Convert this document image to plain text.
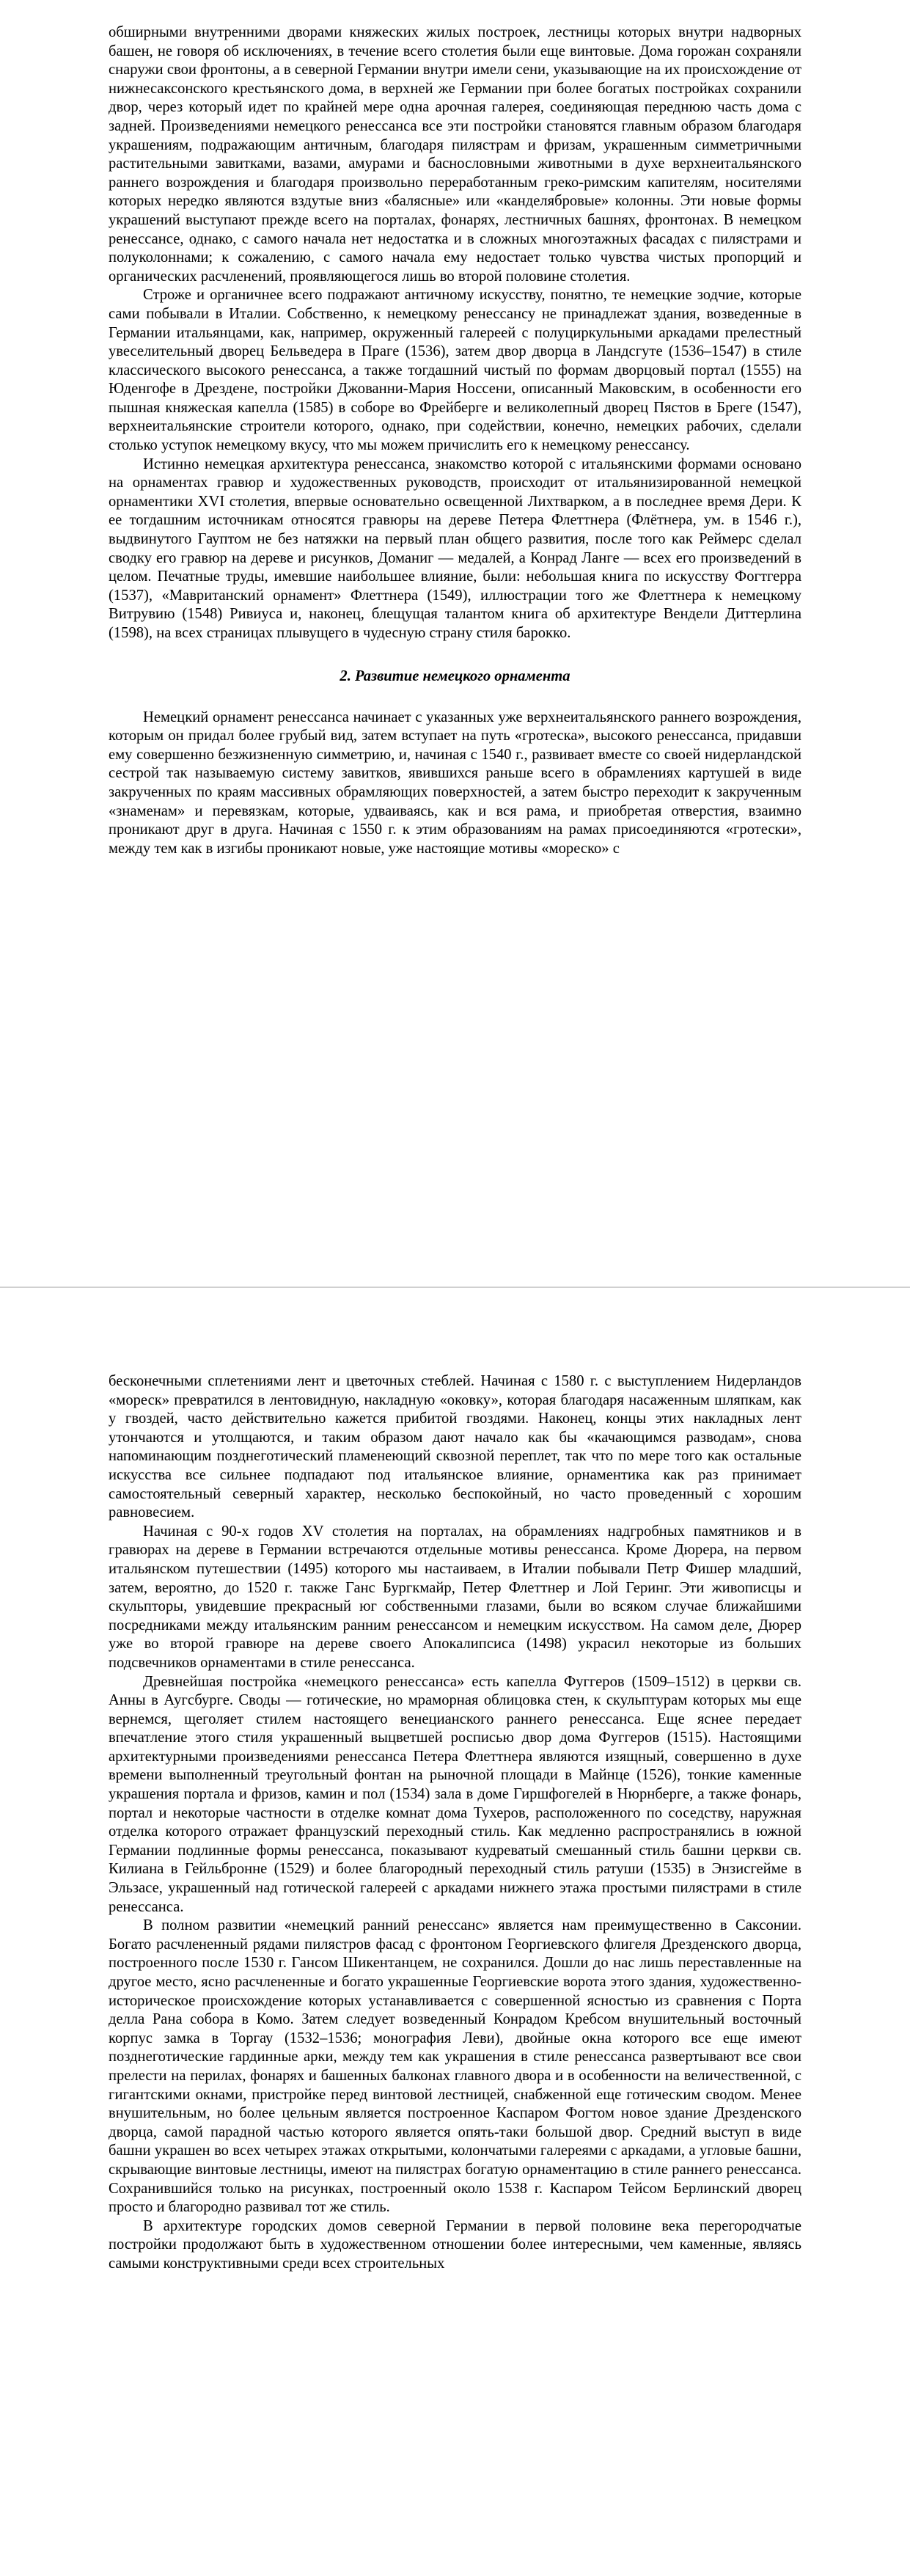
обширными внутренними дворами княжеских жилых построек, лестницы которых внутри надворных башен, не говоря об исключениях, в течение всего столетия были еще винтовые. Дома горожан сохраняли снаружи свои фронтоны, а в северной Германии внутри имели сени, указывающие на их происхождение от нижнесаксонского крестьянского дома, в верхней же Германии при более богатых постройках сохранили двор, через который идет по крайней мере одна арочная галерея, соединяющая переднюю часть дома с задней. Произведениями немецкого ренессанса все эти постройки становятся главным образом благодаря украшениям, подражающим античным, благодаря пилястрам и фризам, украшенным симметричными растительными завитками, вазами, амурами и баснословными животными в духе верхнеитальянского раннего возрождения и благодаря произвольно переработанным греко-римским капителям, носителями которых нередко являются вздутые вниз «балясные» или «канделябровые» колонны. Эти новые формы украшений выступают прежде всего на порталах, фонарях, лестничных башнях, фронтонах. В немецком ренессансе, однако, с самого начала нет недостатка и в сложных многоэтажных фасадах с пилястрами и полуколоннами; к сожалению, с самого начала ему недостает только чувства чистых пропорций и органических расчленений, проявляющегося лишь во второй половине столетия.

Строже и органичнее всего подражают античному искусству, понятно, те немецкие зодчие, которые сами побывали в Италии. Собственно, к немецкому ренессансу не принадлежат здания, возведенные в Германии итальянцами, как, например, окруженный галереей с полуциркульными аркадами прелестный увеселительный дворец Бельведера в Праге (1536), затем двор дворца в Ландсгуте (1536–1547) в стиле классического высокого ренессанса, а также тогдашний чистый по формам дворцовый портал (1555) на Юденгофе в Дрездене, постройки Джованни-Мария Носсени, описанный Маковским, в особенности его пышная княжеская капелла (1585) в соборе во Фрейберге и великолепный дворец Пястов в Бреге (1547), верхнеитальянские строители которого, однако, при содействии, конечно, немецких рабочих, сделали столько уступок немецкому вкусу, что мы можем причислить его к немецкому ренессансу.

Истинно немецкая архитектура ренессанса, знакомство которой с итальянскими формами основано на орнаментах гравюр и художественных руководств, происходит от итальянизированной немецкой орнаментики XVI столетия, впервые основательно освещенной Лихтварком, а в последнее время Дери. К ее тогдашним источникам относятся гравюры на дереве Петера Флеттнера (Флётнера, ум. в 1546 г.), выдвинутого Гауптом не без натяжки на первый план общего развития, после того как Реймерс сделал сводку его гравюр на дереве и рисунков, Доманиг — медалей, а Конрад Ланге — всех его произведений в целом. Печатные труды, имевшие наибольшее влияние, были: небольшая книга по искусству Фогтгерра (1537), «Мавританский орнамент» Флеттнера (1549), иллюстрации того же Флеттнера к немецкому Витрувию (1548) Ривиуса и, наконец, блещущая талантом книга об архитектуре Вендели Диттерлина (1598), на всех страницах плывущего в чудесную страну стиля барокко.

2. Развитие немецкого орнамента

Немецкий орнамент ренессанса начинает с указанных уже верхнеитальянского раннего возрождения, которым он придал более грубый вид, затем вступает на путь «гротеска», высокого ренессанса, придавши ему совершенно безжизненную симметрию, и, начиная с 1540 г., развивает вместе со своей нидерландской сестрой так называемую систему завитков, явившихся раньше всего в обрамлениях картушей в виде закрученных по краям массивных обрамляющих поверхностей, а затем быстро переходит к закрученным «знаменам» и перевязкам, которые, удваиваясь, как и вся рама, и приобретая отверстия, взаимно проникают друг в друга. Начиная с 1550 г. к этим образованиям на рамах присоединяются «гротески», между тем как в изгибы проникают новые, уже настоящие мотивы «мореско» с

бесконечными сплетениями лент и цветочных стеблей. Начиная с 1580 г. с выступлением Нидерландов «мореск» превратился в лентовидную, накладную «оковку», которая благодаря насаженным шляпкам, как у гвоздей, часто действительно кажется прибитой гвоздями. Наконец, концы этих накладных лент утончаются и утолщаются, и таким образом дают начало как бы «качающимся разводам», снова напоминающим позднеготический пламенеющий сквозной переплет, так что по мере того как остальные искусства все сильнее подпадают под итальянское влияние, орнаментика как раз принимает самостоятельный северный характер, несколько беспокойный, но часто проведенный с хорошим равновесием.

Начиная с 90-х годов XV столетия на порталах, на обрамлениях надгробных памятников и в гравюрах на дереве в Германии встречаются отдельные мотивы ренессанса. Кроме Дюрера, на первом итальянском путешествии (1495) которого мы настаиваем, в Италии побывали Петр Фишер младший, затем, вероятно, до 1520 г. также Ганс Бургкмайр, Петер Флеттнер и Лой Геринг. Эти живописцы и скульпторы, увидевшие прекрасный юг собственными глазами, были во всяком случае ближайшими посредниками между итальянским ранним ренессансом и немецким искусством. На самом деле, Дюрер уже во второй гравюре на дереве своего Апокалипсиса (1498) украсил некоторые из больших подсвечников орнаментами в стиле ренессанса.

Древнейшая постройка «немецкого ренессанса» есть капелла Фуггеров (1509–1512) в церкви св. Анны в Аугсбурге. Своды — готические, но мраморная облицовка стен, к скульптурам которых мы еще вернемся, щеголяет стилем настоящего венецианского раннего ренессанса. Еще яснее передает впечатление этого стиля украшенный выцветшей росписью двор дома Фуггеров (1515). Настоящими архитектурными произведениями ренессанса Петера Флеттнера являются изящный, совершенно в духе времени выполненный треугольный фонтан на рыночной площади в Майнце (1526), тонкие каменные украшения портала и фризов, камин и пол (1534) зала в доме Гиршфогелей в Нюрнберге, а также фонарь, портал и некоторые частности в отделке комнат дома Тухеров, расположенного по соседству, наружная отделка которого отражает французский переходный стиль. Как медленно распространялись в южной Германии подлинные формы ренессанса, показывают кудреватый смешанный стиль башни церкви св. Килиана в Гейльбронне (1529) и более благородный переходный стиль ратуши (1535) в Энзисгейме в Эльзасе, украшенный над готической галереей с аркадами нижнего этажа простыми пилястрами в стиле ренессанса.

В полном развитии «немецкий ранний ренессанс» является нам преимущественно в Саксонии. Богато расчлененный рядами пилястров фасад с фронтоном Георгиевского флигеля Дрезденского дворца, построенного после 1530 г. Гансом Шикентанцем, не сохранился. Дошли до нас лишь переставленные на другое место, ясно расчлененные и богато украшенные Георгиевские ворота этого здания, художественно-историческое происхождение которых устанавливается с совершенной ясностью из сравнения с Порта делла Рана собора в Комо. Затем следует возведенный Конрадом Кребсом внушительный восточный корпус замка в Торгау (1532–1536; монография Леви), двойные окна которого все еще имеют позднеготические гардинные арки, между тем как украшения в стиле ренессанса развертывают все свои прелести на перилах, фонарях и башенных балконах главного двора и в особенности на величественной, с гигантскими окнами, пристройке перед винтовой лестницей, снабженной еще готическим сводом. Менее внушительным, но более цельным является построенное Каспаром Фогтом новое здание Дрезденского дворца, самой парадной частью которого является опять-таки большой двор. Средний выступ в виде башни украшен во всех четырех этажах открытыми, колончатыми галереями с аркадами, а угловые башни, скрывающие винтовые лестницы, имеют на пилястрах богатую орнаментацию в стиле раннего ренессанса. Сохранившийся только на рисунках, построенный около 1538 г. Каспаром Тейсом Берлинский дворец просто и благородно развивал тот же стиль.

В архитектуре городских домов северной Германии в первой половине века перегородчатые постройки продолжают быть в художественном отношении более интересными, чем каменные, являясь самыми конструктивными среди всех строительных
